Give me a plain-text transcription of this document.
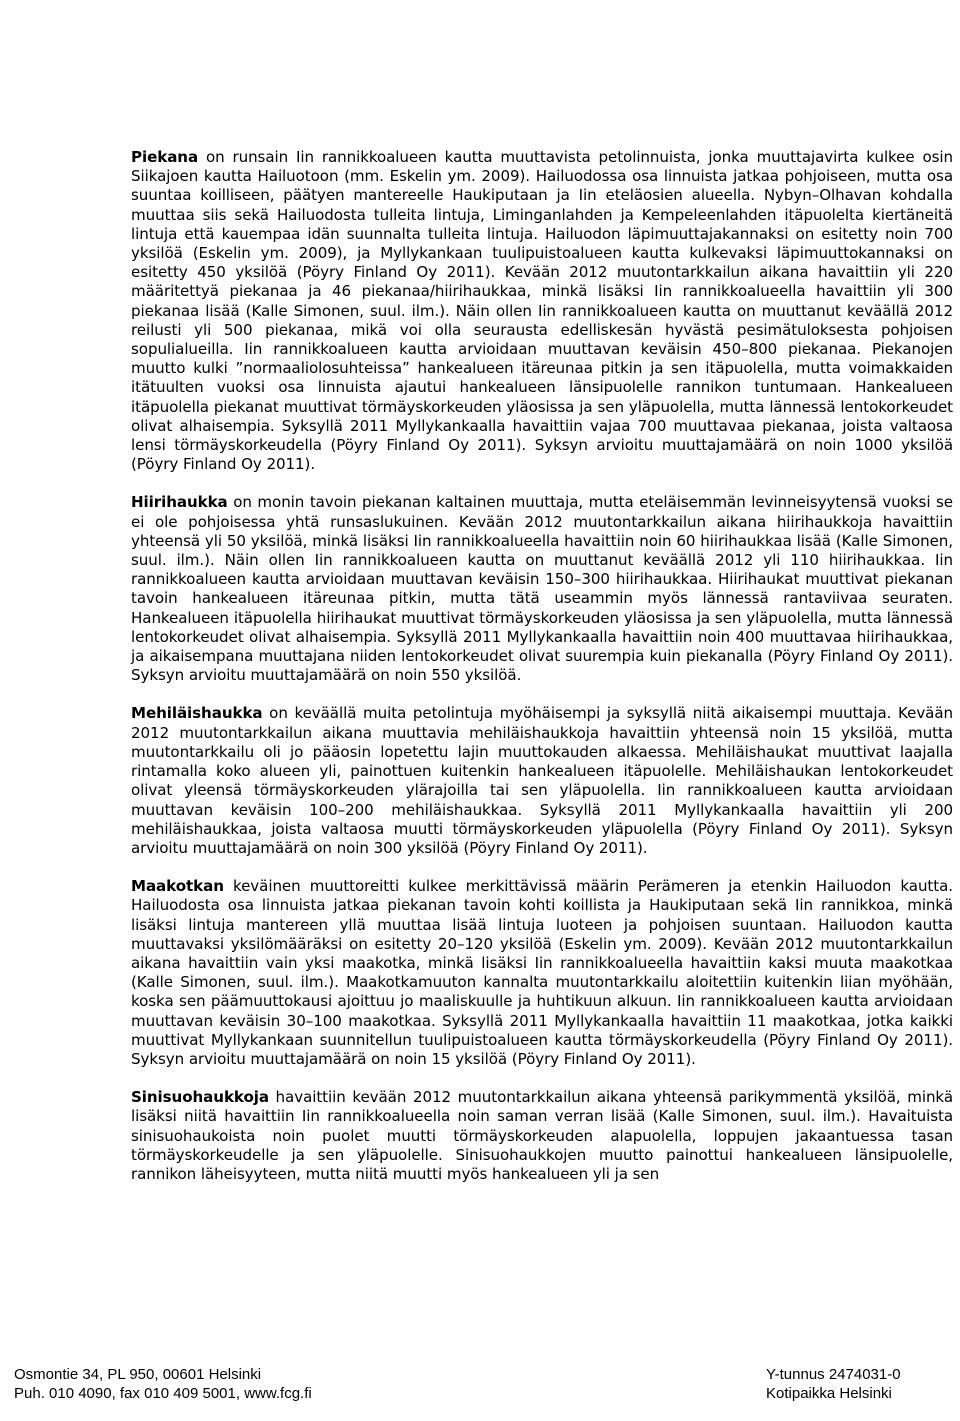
FCG SUUNNITTELU JA TEKNIIKKA OY	Linnustoselvitykset ja vaikutus-ten arviointi
19 (34)
15.8.2012

Piekana on runsain Iin rannikkoalueen kautta muuttavista petolinnuista, jonka muuttajavirta kulkee osin Siikajoen kautta Hailuotoon (mm. Eskelin ym. 2009). Hailuodossa osa linnuista jatkaa pohjoiseen, mutta osa suuntaa koilliseen, päätyen mantereelle Haukiputaan ja Iin eteläosien alueella. Nybyn–Olhavan kohdalla muuttaa siis sekä Hailuodosta tulleita lintuja, Liminganlahden ja Kempeleenlahden itäpuolelta kiertäneitä lintuja että kauempaa idän suunnalta tulleita lintuja. Hailuodon läpimuuttajakannaksi on esitetty noin 700 yksilöä (Eskelin ym. 2009), ja Myllykankaan tuulipuistoalueen kautta kulkevaksi läpimuuttokannaksi on esitetty 450 yksilöä (Pöyry Finland Oy 2011). Kevään 2012 muutontarkkailun aikana havaittiin yli 220 määritettyä piekanaa ja 46 piekanaa/hiirihaukkaa, minkä lisäksi Iin rannikkoalueella havaittiin yli 300 piekanaa lisää (Kalle Simonen, suul. ilm.). Näin ollen Iin rannikkoalueen kautta on muuttanut keväällä 2012 reilusti yli 500 piekanaa, mikä voi olla seurausta edelliskesän hyvästä pesimätuloksesta pohjoisen sopulialueilla. Iin rannikkoalueen kautta arvioidaan muuttavan keväisin 450–800 piekanaa. Piekanojen muutto kulki ”normaaliolosuhteissa” hankealueen itäreunaa pitkin ja sen itäpuolella, mutta voimakkaiden itätuulten vuoksi osa linnuista ajautui hankealueen länsipuolelle rannikon tuntumaan. Hankealueen itäpuolella piekanat muuttivat törmäyskorkeuden yläosissa ja sen yläpuolella, mutta lännessä lentokorkeudet olivat alhaisempia. Syksyllä 2011 Myllykankaalla havaittiin vajaa 700 muuttavaa piekanaa, joista valtaosa lensi törmäyskorkeudella (Pöyry Finland Oy 2011). Syksyn arvioitu muuttajamäärä on noin 1000 yksilöä (Pöyry Finland Oy 2011).

Hiirihaukka on monin tavoin piekanan kaltainen muuttaja, mutta eteläisemmän levinneisyytensä vuoksi se ei ole pohjoisessa yhtä runsaslukuinen. Kevään 2012 muutontarkkailun aikana hiirihaukkoja havaittiin yhteensä yli 50 yksilöä, minkä lisäksi Iin rannikkoalueella havaittiin noin 60 hiirihaukkaa lisää (Kalle Simonen, suul. ilm.). Näin ollen Iin rannikkoalueen kautta on muuttanut keväällä 2012 yli 110 hiirihaukkaa. Iin rannikkoalueen kautta arvioidaan muuttavan keväisin 150–300 hiirihaukkaa. Hiirihaukat muuttivat piekanan tavoin hankealueen itäreunaa pitkin, mutta tätä useammin myös lännessä rantaviivaa seuraten. Hankealueen itäpuolella hiirihaukat muuttivat törmäyskorkeuden yläosissa ja sen yläpuolella, mutta lännessä lentokorkeudet olivat alhaisempia. Syksyllä 2011 Myllykankaalla havaittiin noin 400 muuttavaa hiirihaukkaa, ja aikaisempana muuttajana niiden lentokorkeudet olivat suurempia kuin piekanalla (Pöyry Finland Oy 2011). Syksyn arvioitu muuttajamäärä on noin 550 yksilöä.

Mehiläishaukka on keväällä muita petolintuja myöhäisempi ja syksyllä niitä aikaisempi muuttaja. Kevään 2012 muutontarkkailun aikana muuttavia mehiläishaukkoja havaittiin yhteensä noin 15 yksilöä, mutta muutontarkkailu oli jo pääosin lopetettu lajin muuttokauden alkaessa. Mehiläishaukat muuttivat laajalla rintamalla koko alueen yli, painottuen kuitenkin hankealueen itäpuolelle. Mehiläishaukan lentokorkeudet olivat yleensä törmäyskorkeuden ylärajoilla tai sen yläpuolella. Iin rannikkoalueen kautta arvioidaan muuttavan keväisin 100–200 mehiläishaukkaa. Syksyllä 2011 Myllykankaalla havaittiin yli 200 mehiläishaukkaa, joista valtaosa muutti törmäyskorkeuden yläpuolella (Pöyry Finland Oy 2011). Syksyn arvioitu muuttajamäärä on noin 300 yksilöä (Pöyry Finland Oy 2011).

Maakotkan keväinen muuttoreitti kulkee merkittävissä määrin Perämeren ja etenkin Hailuodon kautta. Hailuodosta osa linnuista jatkaa piekanan tavoin kohti koillista ja Haukiputaan sekä Iin rannikkoa, minkä lisäksi lintuja mantereen yllä muuttaa lisää lintuja luoteen ja pohjoisen suuntaan. Hailuodon kautta muuttavaksi yksilömääräksi on esitetty 20–120 yksilöä (Eskelin ym. 2009). Kevään 2012 muutontarkkailun aikana havaittiin vain yksi maakotka, minkä lisäksi Iin rannikkoalueella havaittiin kaksi muuta maakotkaa (Kalle Simonen, suul. ilm.). Maakotkamuuton kannalta muutontarkkailu aloitettiin kuitenkin liian myöhään, koska sen päämuuttokausi ajoittuu jo maaliskuulle ja huhtikuun alkuun. Iin rannikkoalueen kautta arvioidaan muuttavan keväisin 30–100 maakotkaa. Syksyllä 2011 Myllykankaalla havaittiin 11 maakotkaa, jotka kaikki muuttivat Myllykankaan suunnitellun tuulipuistoalueen kautta törmäyskorkeudella (Pöyry Finland Oy 2011). Syksyn arvioitu muuttajamäärä on noin 15 yksilöä (Pöyry Finland Oy 2011).

Sinisuohaukkoja havaittiin kevään 2012 muutontarkkailun aikana yhteensä parikymmentä yksilöä, minkä lisäksi niitä havaittiin Iin rannikkoalueella noin saman verran lisää (Kalle Simonen, suul. ilm.). Havaituista sinisuohaukoista noin puolet muutti törmäyskorkeuden alapuolella, loppujen jakaantuessa tasan törmäyskorkeudelle ja sen yläpuolelle. Sinisuohaukkojen muutto painottui hankealueen länsipuolelle, rannikon läheisyyteen, mutta niitä muutti myös hankealueen yli ja sen

FCG Suunnittelu ja tekniikka Oy
Osmontie 34, PL 950, 00601 Helsinki	Y-tunnus 2474031-0
Puh. 010 4090, fax 010 409 5001, www.fcg.fi	Kotipaikka Helsinki
